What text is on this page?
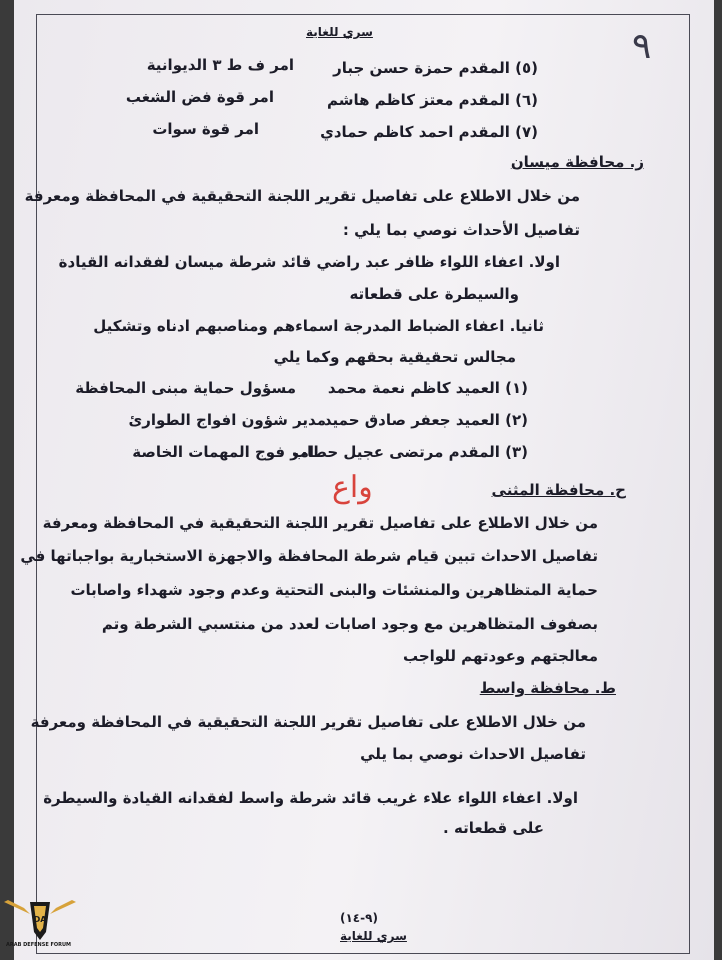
٩
سري للغاية
(٥) المقدم حمزة حسن جبار
امر ف ط ٣ الديوانية
(٦) المقدم معتز كاظم هاشم
امر قوة فض الشغب
(٧) المقدم احمد كاظم حمادي
امر قوة سوات
ز. محافظة ميسان
من خلال الاطلاع على تفاصيل تقرير اللجنة التحقيقية في المحافظة ومعرفة
تفاصيل الأحداث نوصي بما يلي :
اولا. اعفاء اللواء ظافر عبد راضي قائد شرطة ميسان لفقدانه القيادة
والسيطرة على قطعاته
ثانيا. اعفاء الضباط المدرجة اسماءهم ومناصبهم ادناه وتشكيل
مجالس تحقيقية بحقهم وكما يلي
(١) العميد كاظم نعمة محمد
مسؤول حماية مبنى المحافظة
(٢) العميد جعفر صادق حميد
مدير شؤون افواج الطوارئ
(٣) المقدم مرتضى عجيل حطاب
امر فوج المهمات الخاصة
واع	ح. محافظة المثنى
من خلال الاطلاع على تفاصيل تقرير اللجنة التحقيقية في المحافظة ومعرفة
تفاصيل الاحداث تبين قيام شرطة المحافظة والاجهزة الاستخبارية بواجباتها في
حماية المتظاهرين والمنشئات والبنى التحتية وعدم وجود شهداء واصابات
بصفوف المتظاهرين مع وجود اصابات لعدد من منتسبي الشرطة وتم
معالجتهم وعودتهم للواجب
ط. محافظة واسط
من خلال الاطلاع على تفاصيل تقرير اللجنة التحقيقية في المحافظة ومعرفة
تفاصيل الاحداث نوصي بما يلي
اولا. اعفاء اللواء علاء غريب قائد شرطة واسط لفقدانه القيادة والسيطرة
على قطعاته .
(٩-١٤)
سري للغاية
DA
ARAB DEFENSE FORUM
